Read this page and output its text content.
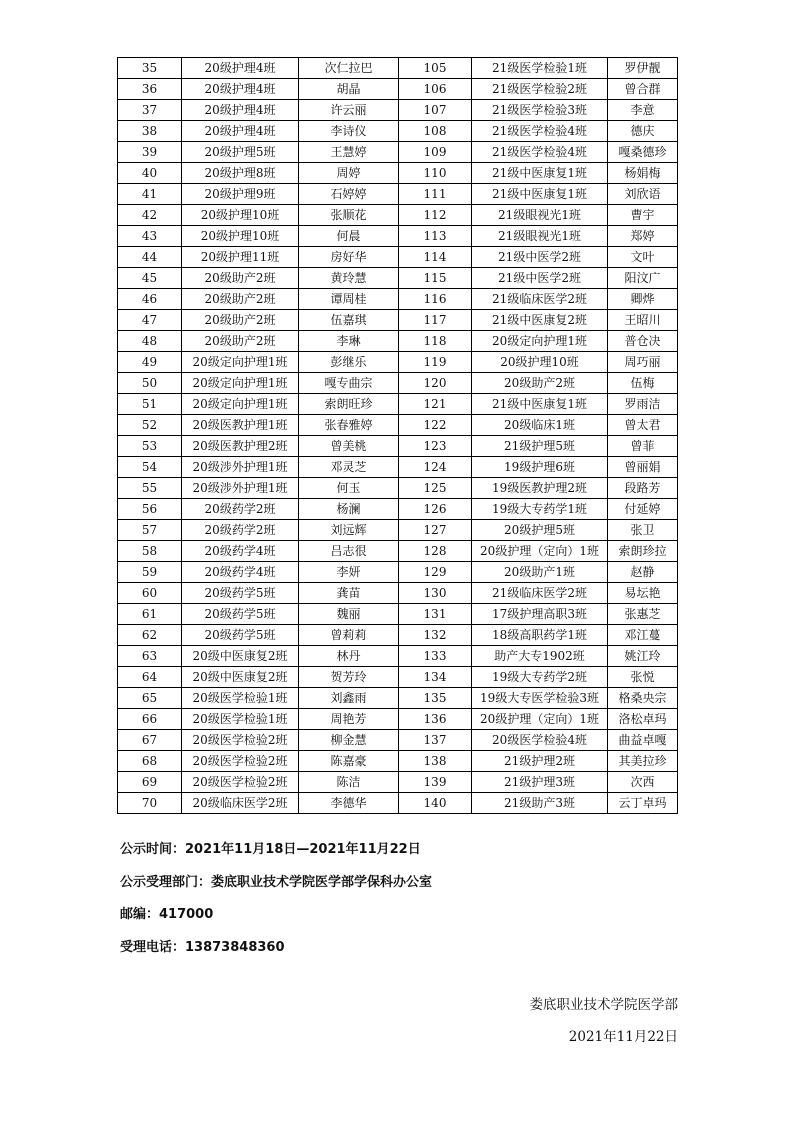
35	20级护理4班	次仁拉巴	105	21级医学检验1班	罗伊靓
36	20级护理4班	胡晶	106	21级医学检验2班	曾合群
37	20级护理4班	许云丽	107	21级医学检验3班	李意
38	20级护理4班	李诗仪	108	21级医学检验4班	德庆
39	20级护理5班	王慧婷	109	21级医学检验4班	嘎桑德珍
40	20级护理8班	周婷	110	21级中医康复1班	杨娟梅
41	20级护理9班	石婷婷	111	21级中医康复1班	刘欣语
42	20级护理10班	张顺花	112	21级眼视光1班	曹宇
43	20级护理10班	何晨	113	21级眼视光1班	郑婷
44	20级护理11班	房好华	114	21级中医学2班	文叶
45	20级助产2班	黄玲慧	115	21级中医学2班	阳汶广
46	20级助产2班	谭周桂	116	21级临床医学2班	卿烨
47	20级助产2班	伍嘉琪	117	21级中医康复2班	王昭川
48	20级助产2班	李琳	118	20级定向护理1班	普仓决
49	20级定向护理1班	彭继乐	119	20级护理10班	周巧丽
50	20级定向护理1班	嘎专曲宗	120	20级助产2班	伍梅
51	20级定向护理1班	索朗旺珍	121	21级中医康复1班	罗雨洁
52	20级医教护理1班	张春雅婷	122	20级临床1班	曾太君
53	20级医教护理2班	曾美桃	123	21级护理5班	曾菲
54	20级涉外护理1班	邓灵芝	124	19级护理6班	曾丽娟
55	20级涉外护理1班	何玉	125	19级医教护理2班	段路芳
56	20级药学2班	杨澜	126	19级大专药学1班	付延婷
57	20级药学2班	刘远辉	127	20级护理5班	张卫
58	20级药学4班	吕志很	128	20级护理（定向）1班	索朗珍拉
59	20级药学4班	李妍	129	20级助产1班	赵静
60	20级药学5班	龚苗	130	21级临床医学2班	易坛艳
61	20级药学5班	魏丽	131	17级护理高职3班	张惠芝
62	20级药学5班	曾莉莉	132	18级高职药学1班	邓江蔓
63	20级中医康复2班	林丹	133	助产大专1902班	姚江玲
64	20级中医康复2班	贺芳玲	134	19级大专药学2班	张悦
65	20级医学检验1班	刘鑫雨	135	19级大专医学检验3班	格桑央宗
66	20级医学检验1班	周艳芳	136	20级护理（定向）1班	洛松卓玛
67	20级医学检验2班	柳金慧	137	20级医学检验4班	曲益卓嘎
68	20级医学检验2班	陈嘉豪	138	21级护理2班	其美拉珍
69	20级医学检验2班	陈洁	139	21级护理3班	次西
70	20级临床医学2班	李德华	140	21级助产3班	云丁卓玛
公示时间：2021年11月18日—2021年11月22日
公示受理部门：娄底职业技术学院医学部学保科办公室
邮编：417000
受理电话：13873848360
娄底职业技术学院医学部
2021年11月22日
